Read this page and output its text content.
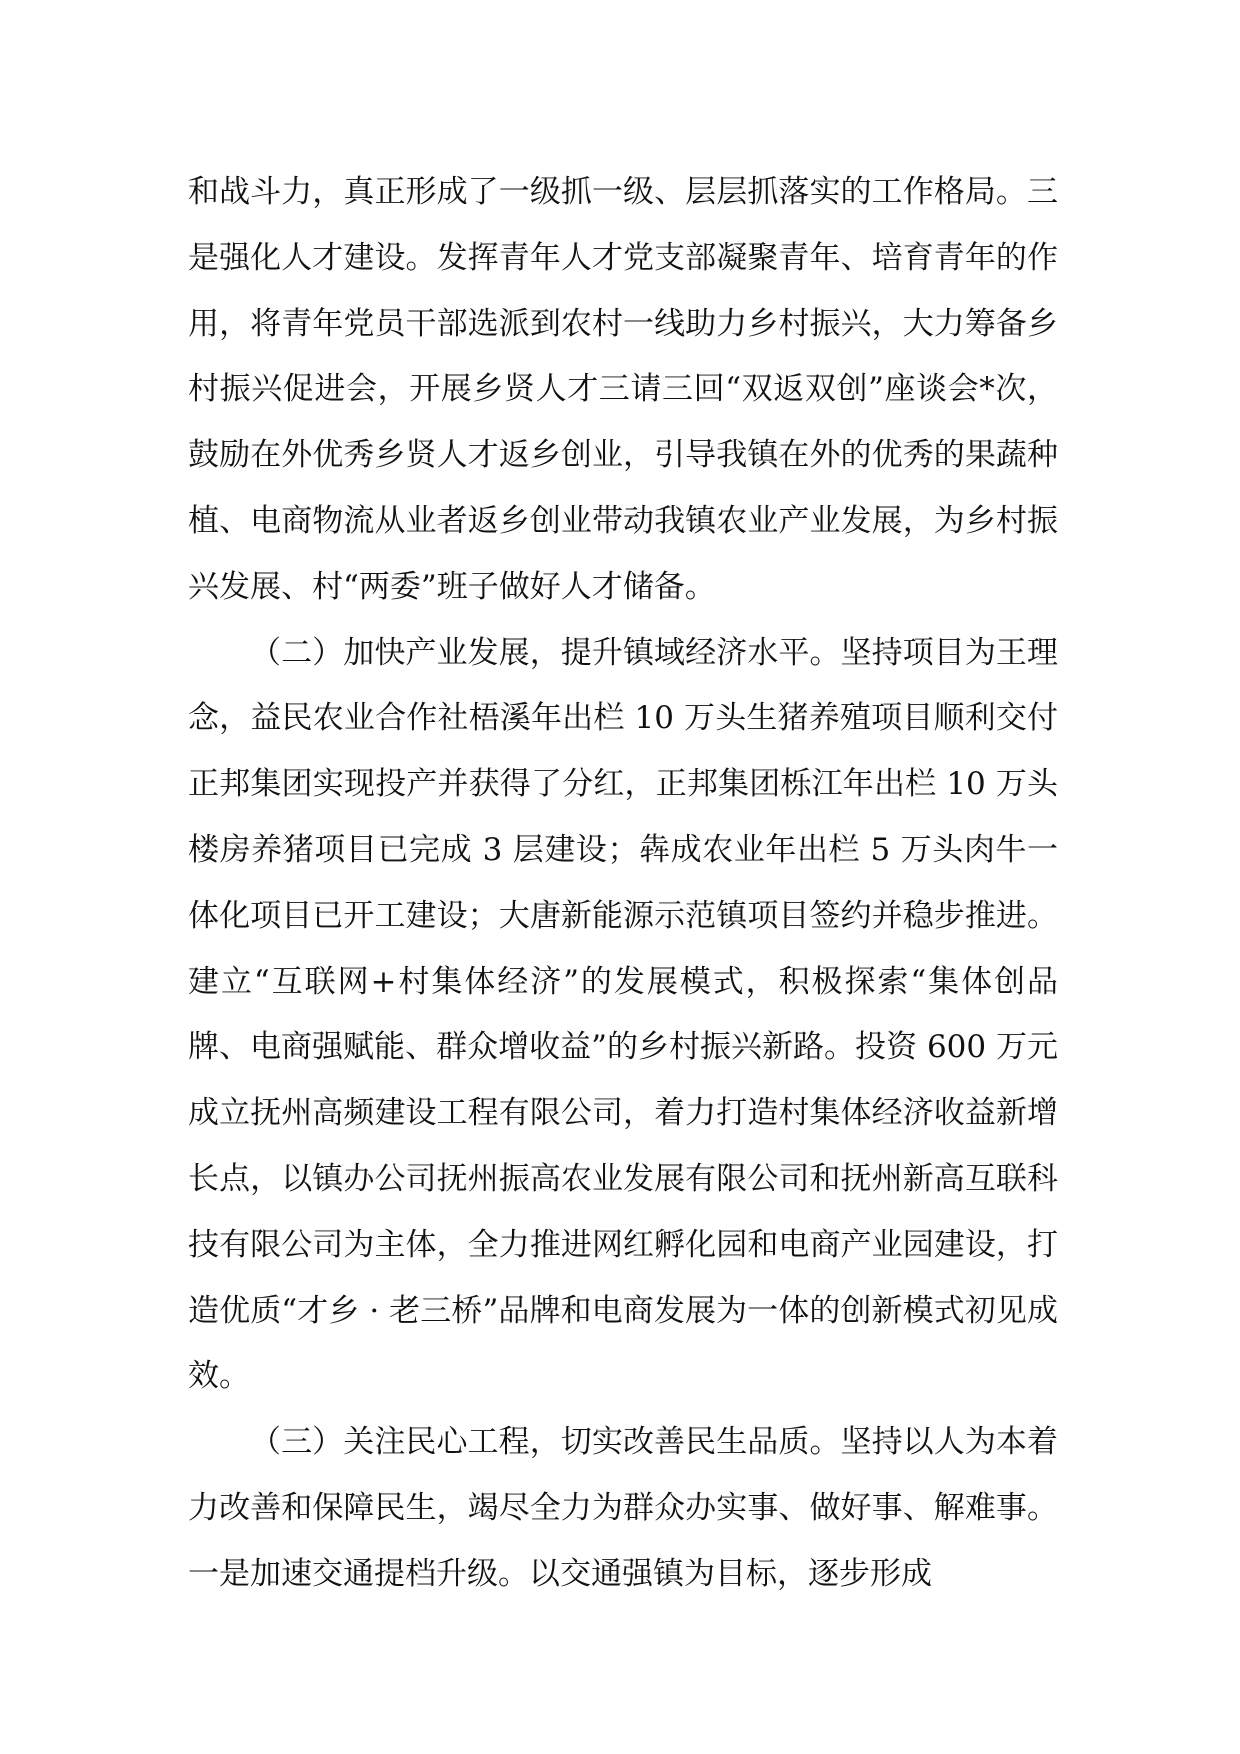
和战斗力，真正形成了一级抓一级、层层抓落实的工作格局。三是强化人才建设。发挥青年人才党支部凝聚青年、培育青年的作用，将青年党员干部选派到农村一线助力乡村振兴，大力筹备乡村振兴促进会，开展乡贤人才三请三回“双返双创”座谈会*次，鼓励在外优秀乡贤人才返乡创业，引导我镇在外的优秀的果蔬种植、电商物流从业者返乡创业带动我镇农业产业发展，为乡村振兴发展、村“两委”班子做好人才储备。

（二）加快产业发展，提升镇域经济水平。坚持项目为王理念，益民农业合作社梧溪年出栏 10 万头生猪养殖项目顺利交付正邦集团实现投产并获得了分红，正邦集团栎江年出栏 10 万头楼房养猪项目已完成 3 层建设；犇成农业年出栏 5 万头肉牛一体化项目已开工建设；大唐新能源示范镇项目签约并稳步推进。建立“互联网+村集体经济”的发展模式，积极探索“集体创品牌、电商强赋能、群众增收益”的乡村振兴新路。投资 600 万元成立抚州高频建设工程有限公司，着力打造村集体经济收益新增长点，以镇办公司抚州振高农业发展有限公司和抚州新高互联科技有限公司为主体，全力推进网红孵化园和电商产业园建设，打造优质“才乡 · 老三桥”品牌和电商发展为一体的创新模式初见成效。

（三）关注民心工程，切实改善民生品质。坚持以人为本着力改善和保障民生，竭尽全力为群众办实事、做好事、解难事。一是加速交通提档升级。以交通强镇为目标，逐步形成
